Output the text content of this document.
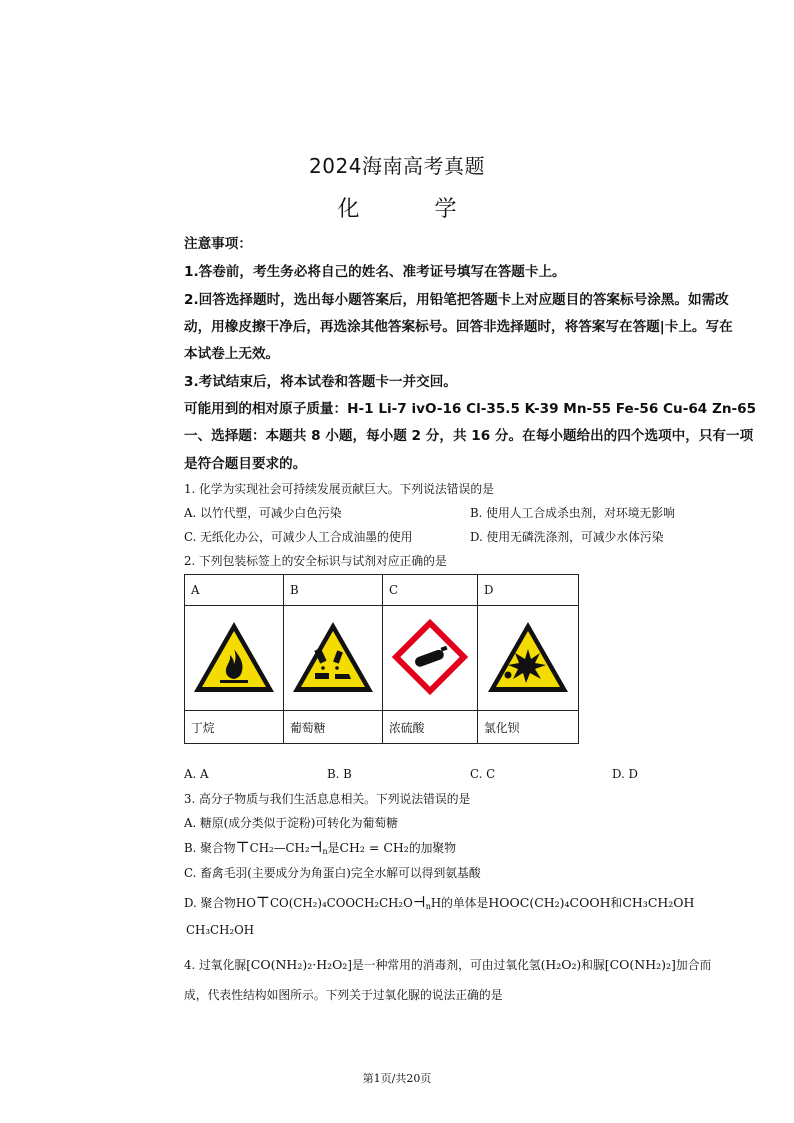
2024海南高考真题
化 学
注意事项：
1.答卷前，考生务必将自己的姓名、准考证号填写在答题卡上。
2.回答选择题时，选出每小题答案后，用铅笔把答题卡上对应题目的答案标号涂黑。如需改
动，用橡皮擦干净后，再选涂其他答案标号。回答非选择题时，将答案写在答题|卡上。写在
本试卷上无效。
3.考试结束后，将本试卷和答题卡一并交回。
可能用到的相对原子质量：H-1 Li-7 ivO-16 Cl-35.5 K-39 Mn-55 Fe-56 Cu-64 Zn-65
一、选择题：本题共 8 小题，每小题 2 分，共 16 分。在每小题给出的四个选项中，只有一项
是符合题目要求的。
1. 化学为实现社会可持续发展贡献巨大。下列说法错误的是
A. 以竹代塑，可减少白色污染	B. 使用人工合成杀虫剂，对环境无影响
C. 无纸化办公，可减少人工合成油墨的使用	D. 使用无磷洗涤剂，可减少水体污染
2. 下列包装标签上的安全标识与试剂对应正确的是
A	B	C	D

丁烷	葡萄糖	浓硫酸	氯化钡
A. A	B. B	C. C	D. D
3. 高分子物质与我们生活息息相关。下列说法错误的是
A. 糖原(成分类似于淀粉)可转化为葡萄糖
B. 聚合物$⊤CH_2—CH_2⊣_n$是CH₂ = CH₂的加聚物
C. 畜禽毛羽(主要成分为角蛋白)完全水解可以得到氨基酸
D. 聚合物$HO⊤CO(CH_2)_4COOCH_2CH_2O⊣_nH$的单体是HOOC(CH₂)₄COOH和CH₃CH₂OH
CH₃CH₂OH
4. 过氧化脲[CO(NH₂)₂·H₂O₂]是一种常用的消毒剂，可由过氧化氢(H₂O₂)和脲[CO(NH₂)₂]加合而
成，代表性结构如图所示。下列关于过氧化脲的说法正确的是
第1页/共20页
